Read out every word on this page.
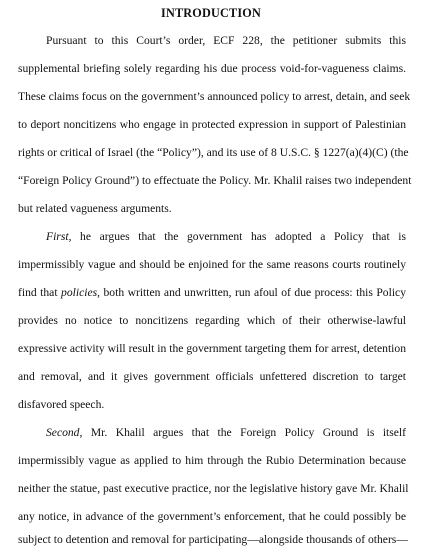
INTRODUCTION
Pursuant to this Court’s order, ECF 228, the petitioner submits this
supplemental briefing solely regarding his due process void-for-vagueness claims.
These claims focus on the government’s announced policy to arrest, detain, and seek
to deport noncitizens who engage in protected expression in support of Palestinian
rights or critical of Israel (the “Policy”), and its use of 8 U.S.C. § 1227(a)(4)(C) (the
“Foreign Policy Ground”) to effectuate the Policy. Mr. Khalil raises two independent
but related vagueness arguments.
First, he argues that the government has adopted a Policy that is
impermissibly vague and should be enjoined for the same reasons courts routinely
find that policies, both written and unwritten, run afoul of due process: this Policy
provides no notice to noncitizens regarding which of their otherwise-lawful
expressive activity will result in the government targeting them for arrest, detention
and removal, and it gives government officials unfettered discretion to target
disfavored speech.
Second, Mr. Khalil argues that the Foreign Policy Ground is itself
impermissibly vague as applied to him through the Rubio Determination because
neither the statue, past executive practice, nor the legislative history gave Mr. Khalil
any notice, in advance of the government’s enforcement, that he could possibly be
subject to detention and removal for participating—alongside thousands of others—
